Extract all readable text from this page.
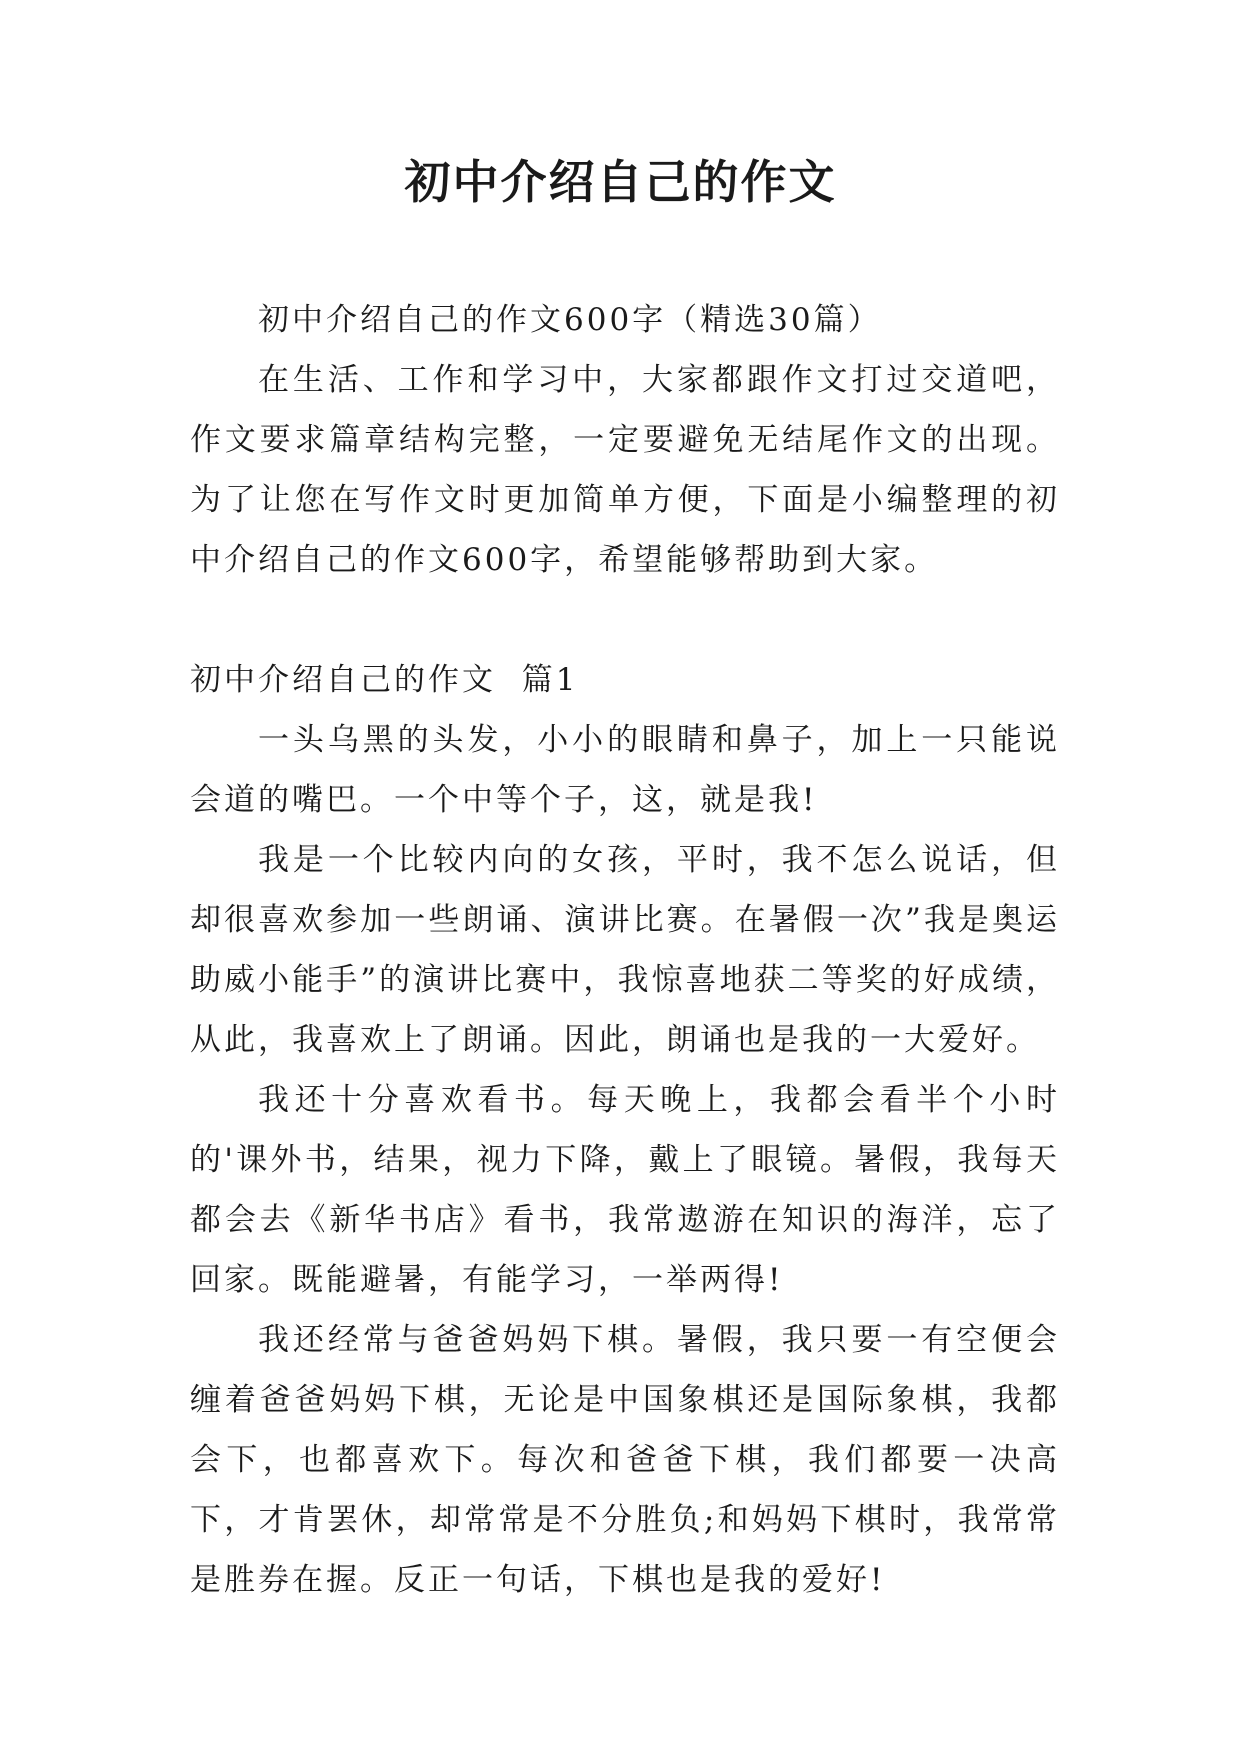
初中介绍自己的作文

初中介绍自己的作文600字（精选30篇）

在生活、工作和学习中，大家都跟作文打过交道吧，作文要求篇章结构完整，一定要避免无结尾作文的出现。为了让您在写作文时更加简单方便，下面是小编整理的初中介绍自己的作文600字，希望能够帮助到大家。

初中介绍自己的作文  篇1

一头乌黑的头发，小小的眼睛和鼻子，加上一只能说会道的嘴巴。一个中等个子，这，就是我!

我是一个比较内向的女孩，平时，我不怎么说话，但却很喜欢参加一些朗诵、演讲比赛。在暑假一次”我是奥运助威小能手”的演讲比赛中，我惊喜地获二等奖的好成绩，从此，我喜欢上了朗诵。因此，朗诵也是我的一大爱好。

我还十分喜欢看书。每天晚上，我都会看半个小时的'课外书，结果，视力下降，戴上了眼镜。暑假，我每天都会去《新华书店》看书，我常遨游在知识的海洋，忘了回家。既能避暑，有能学习，一举两得!

我还经常与爸爸妈妈下棋。暑假，我只要一有空便会缠着爸爸妈妈下棋，无论是中国象棋还是国际象棋，我都会下，也都喜欢下。每次和爸爸下棋，我们都要一决高下，才肯罢休，却常常是不分胜负;和妈妈下棋时，我常常是胜券在握。反正一句话，下棋也是我的爱好!
